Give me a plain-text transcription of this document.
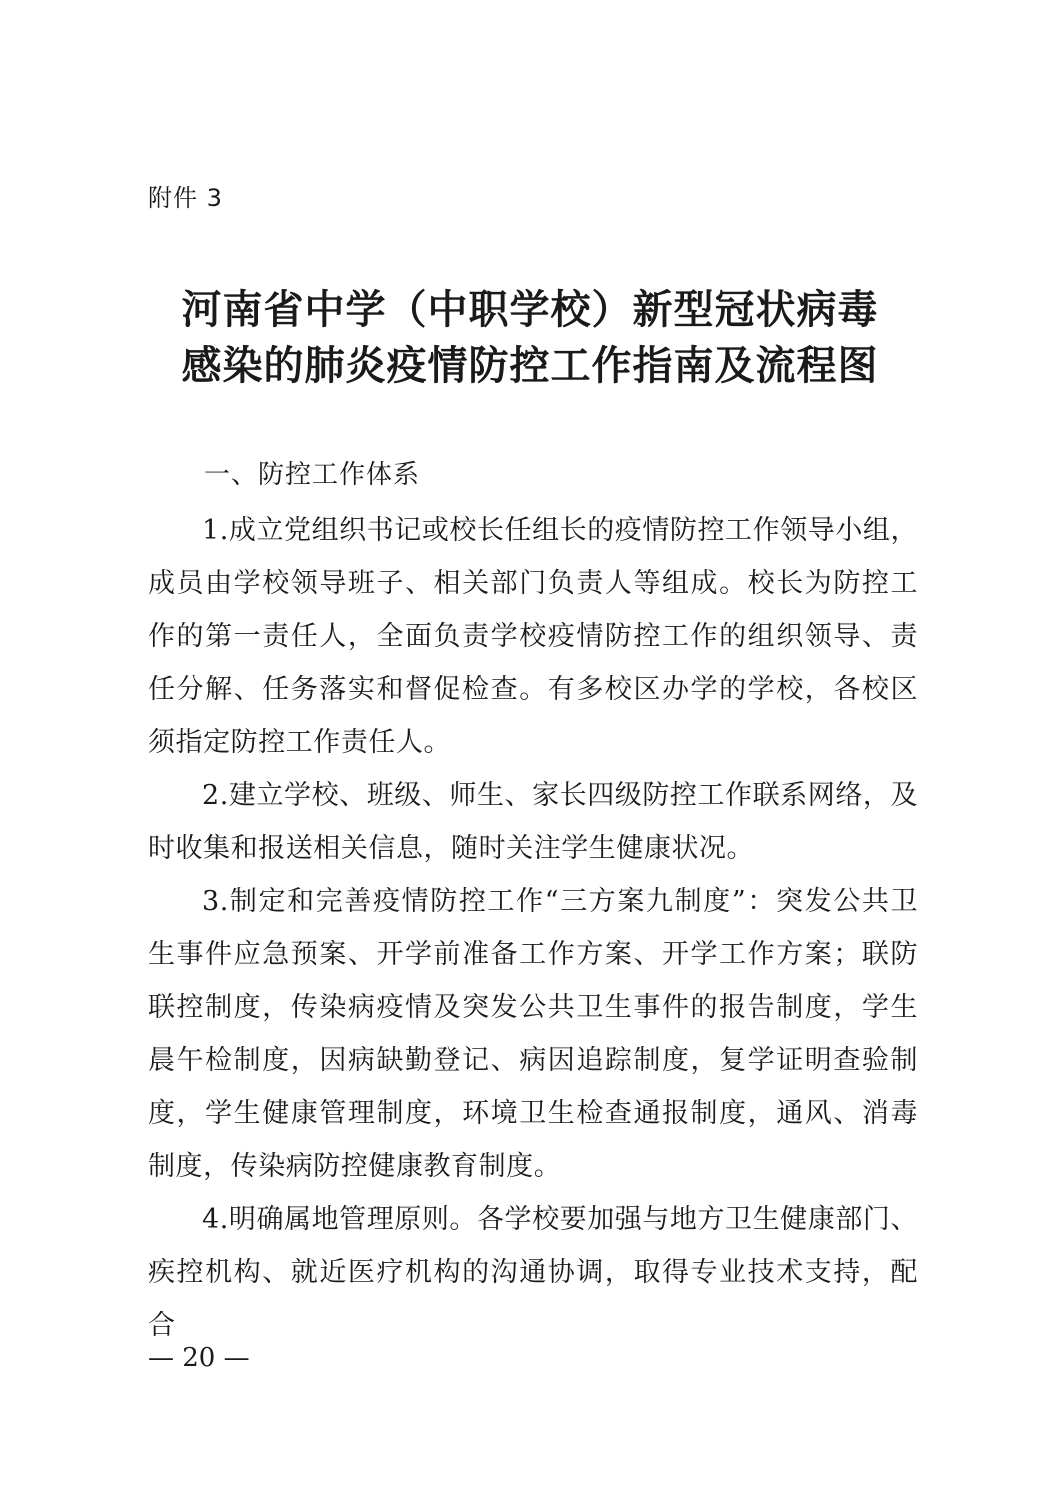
附件 3
河南省中学（中职学校）新型冠状病毒
感染的肺炎疫情防控工作指南及流程图
一、防控工作体系

1.成立党组织书记或校长任组长的疫情防控工作领导小组，成员由学校领导班子、相关部门负责人等组成。校长为防控工作的第一责任人，全面负责学校疫情防控工作的组织领导、责任分解、任务落实和督促检查。有多校区办学的学校，各校区须指定防控工作责任人。

2.建立学校、班级、师生、家长四级防控工作联系网络，及时收集和报送相关信息，随时关注学生健康状况。

3.制定和完善疫情防控工作“三方案九制度”：突发公共卫生事件应急预案、开学前准备工作方案、开学工作方案；联防联控制度，传染病疫情及突发公共卫生事件的报告制度，学生晨午检制度，因病缺勤登记、病因追踪制度，复学证明查验制度，学生健康管理制度，环境卫生检查通报制度，通风、消毒制度，传染病防控健康教育制度。

4.明确属地管理原则。各学校要加强与地方卫生健康部门、疾控机构、就近医疗机构的沟通协调，取得专业技术支持，配合

— 20 —
